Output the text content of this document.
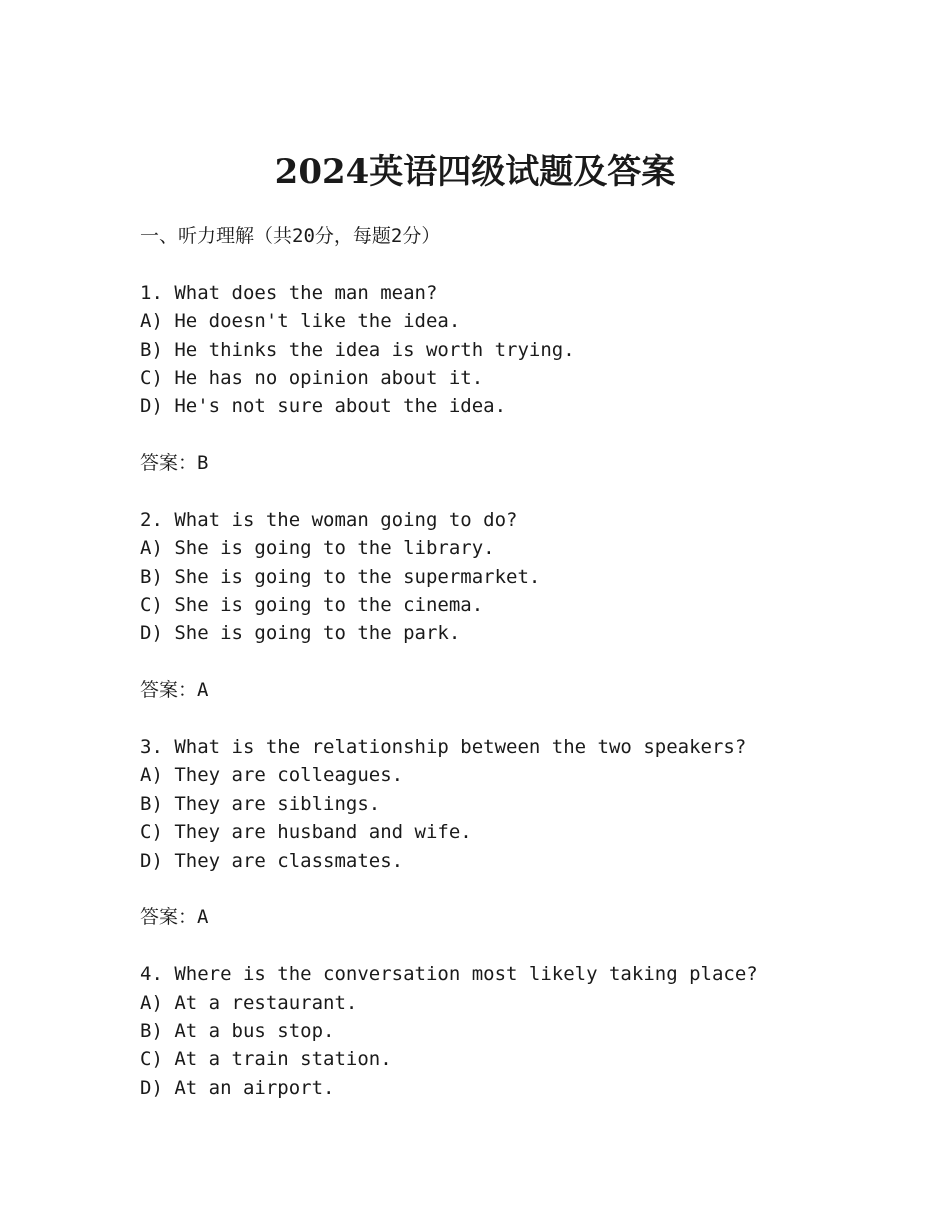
2024英语四级试题及答案
一、听力理解（共20分，每题2分）
1. What does the man mean?
A) He doesn't like the idea.
B) He thinks the idea is worth trying.
C) He has no opinion about it.
D) He's not sure about the idea.
答案：B
2. What is the woman going to do?
A) She is going to the library.
B) She is going to the supermarket.
C) She is going to the cinema.
D) She is going to the park.
答案：A
3. What is the relationship between the two speakers?
A) They are colleagues.
B) They are siblings.
C) They are husband and wife.
D) They are classmates.
答案：A
4. Where is the conversation most likely taking place?
A) At a restaurant.
B) At a bus stop.
C) At a train station.
D) At an airport.
